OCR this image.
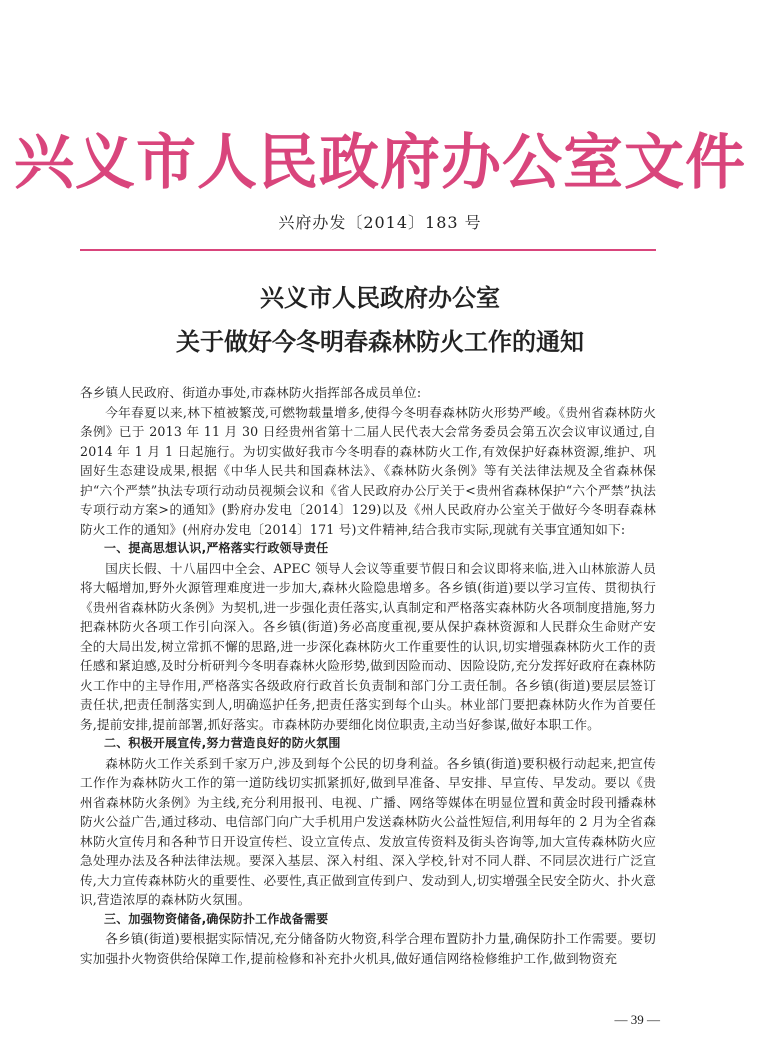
兴义市人民政府办公室文件
兴府办发〔2014〕183 号
兴义市人民政府办公室
关于做好今冬明春森林防火工作的通知

各乡镇人民政府、街道办事处,市森林防火指挥部各成员单位:

今年春夏以来,林下植被繁茂,可燃物载量增多,使得今冬明春森林防火形势严峻。《贵州省森林防火条例》已于 2013 年 11 月 30 日经贵州省第十二届人民代表大会常务委员会第五次会议审议通过,自 2014 年 1 月 1 日起施行。为切实做好我市今冬明春的森林防火工作,有效保护好森林资源,维护、巩固好生态建设成果,根据《中华人民共和国森林法》、《森林防火条例》等有关法律法规及全省森林保护“六个严禁”执法专项行动动员视频会议和《省人民政府办公厅关于<贵州省森林保护“六个严禁”执法专项行动方案>的通知》(黔府办发电〔2014〕129)以及《州人民政府办公室关于做好今冬明春森林防火工作的通知》(州府办发电〔2014〕171 号)文件精神,结合我市实际,现就有关事宜通知如下:

一、提高思想认识,严格落实行政领导责任

国庆长假、十八届四中全会、APEC 领导人会议等重要节假日和会议即将来临,进入山林旅游人员将大幅增加,野外火源管理难度进一步加大,森林火险隐患增多。各乡镇(街道)要以学习宣传、贯彻执行《贵州省森林防火条例》为契机,进一步强化责任落实,认真制定和严格落实森林防火各项制度措施,努力把森林防火各项工作引向深入。各乡镇(街道)务必高度重视,要从保护森林资源和人民群众生命财产安全的大局出发,树立常抓不懈的思路,进一步深化森林防火工作重要性的认识,切实增强森林防火工作的责任感和紧迫感,及时分析研判今冬明春森林火险形势,做到因险而动、因险设防,充分发挥好政府在森林防火工作中的主导作用,严格落实各级政府行政首长负责制和部门分工责任制。各乡镇(街道)要层层签订责任状,把责任制落实到人,明确巡护任务,把责任落实到每个山头。林业部门要把森林防火作为首要任务,提前安排,提前部署,抓好落实。市森林防办要细化岗位职责,主动当好参谋,做好本职工作。

二、积极开展宣传,努力营造良好的防火氛围

森林防火工作关系到千家万户,涉及到每个公民的切身利益。各乡镇(街道)要积极行动起来,把宣传工作作为森林防火工作的第一道防线切实抓紧抓好,做到早准备、早安排、早宣传、早发动。要以《贵州省森林防火条例》为主线,充分利用报刊、电视、广播、网络等媒体在明显位置和黄金时段刊播森林防火公益广告,通过移动、电信部门向广大手机用户发送森林防火公益性短信,利用每年的 2 月为全省森林防火宣传月和各种节日开设宣传栏、设立宣传点、发放宣传资料及街头咨询等,加大宣传森林防火应急处理办法及各种法律法规。要深入基层、深入村组、深入学校,针对不同人群、不同层次进行广泛宣传,大力宣传森林防火的重要性、必要性,真正做到宣传到户、发动到人,切实增强全民安全防火、扑火意识,营造浓厚的森林防火氛围。

三、加强物资储备,确保防扑工作战备需要

各乡镇(街道)要根据实际情况,充分储备防火物资,科学合理布置防扑力量,确保防扑工作需要。要切实加强扑火物资供给保障工作,提前检修和补充扑火机具,做好通信网络检修维护工作,做到物资充

— 39 —
